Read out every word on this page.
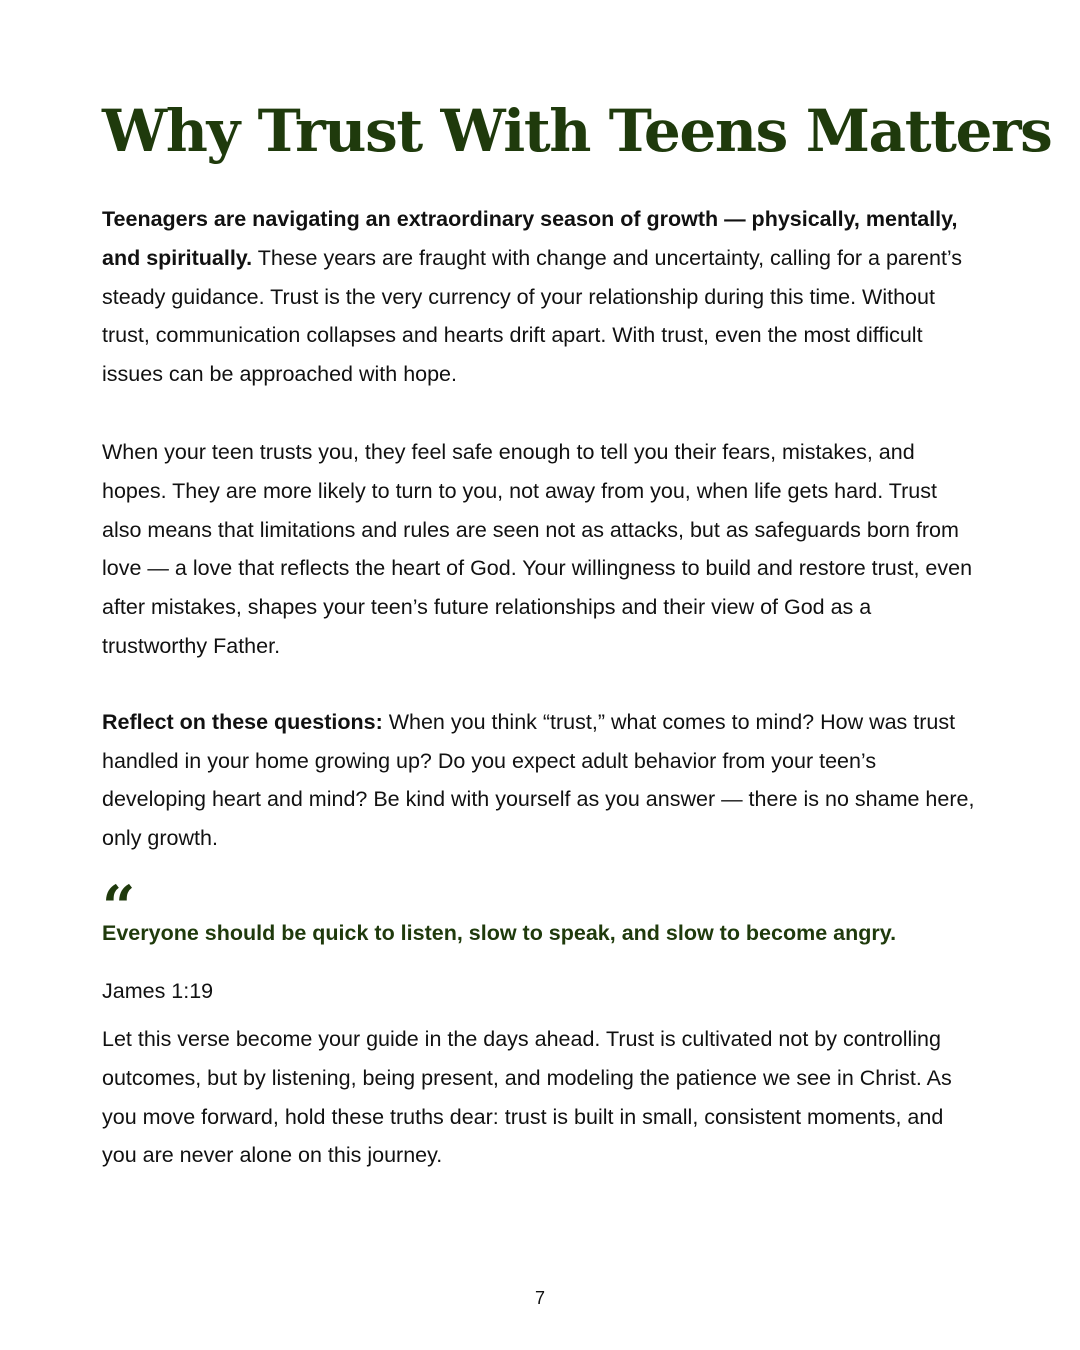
Why Trust With Teens Matters

Teenagers are navigating an extraordinary season of growth — physically, mentally, and spiritually. These years are fraught with change and uncertainty, calling for a parent’s steady guidance. Trust is the very currency of your relationship during this time. Without trust, communication collapses and hearts drift apart. With trust, even the most difficult issues can be approached with hope.

When your teen trusts you, they feel safe enough to tell you their fears, mistakes, and hopes. They are more likely to turn to you, not away from you, when life gets hard. Trust also means that limitations and rules are seen not as attacks, but as safeguards born from love — a love that reflects the heart of God. Your willingness to build and restore trust, even after mistakes, shapes your teen’s future relationships and their view of God as a trustworthy Father.

Reflect on these questions: When you think “trust,” what comes to mind? How was trust handled in your home growing up? Do you expect adult behavior from your teen’s developing heart and mind? Be kind with yourself as you answer — there is no shame here, only growth.

“

Everyone should be quick to listen, slow to speak, and slow to become angry.

James 1:19

Let this verse become your guide in the days ahead. Trust is cultivated not by controlling outcomes, but by listening, being present, and modeling the patience we see in Christ. As you move forward, hold these truths dear: trust is built in small, consistent moments, and you are never alone on this journey.

7
